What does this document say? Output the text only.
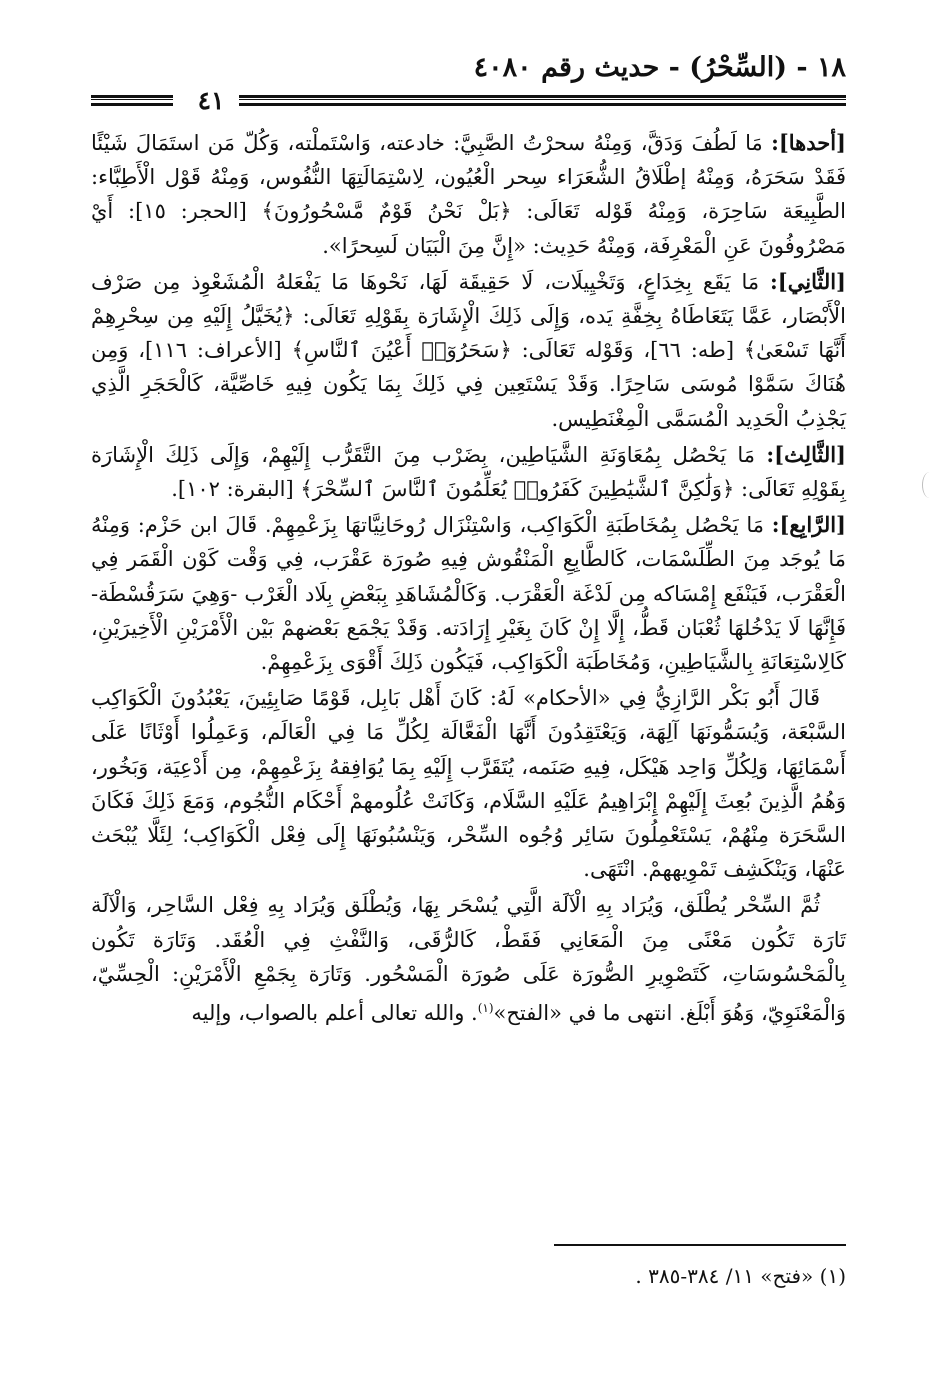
١٨ - (السِّحْرُ) - حديث رقم ٤٠٨٠
٤١

[أحدها]: مَا لَطُفَ وَدَقَّ، وَمِنْهُ سحرْتُ الصَّبِيَّ: خادعته، وَاسْتَملْته، وَكُلّ مَن استَمَالَ شَيْئًا فَقَدْ سَحَرَهُ، وَمِنْهُ إطْلَاقُ الشُّعَرَاء سِحر الْعُيُون، لِاسْتِمَالَتِهَا النُّفُوس، وَمِنْهُ قَوْل الْأَطِبَّاء: الطَّبِيعَة سَاحِرَة، وَمِنْهُ قَوْله تَعَالَى: ﴿بَلْ نَحْنُ قَوْمٌ مَّسْحُورُونَ﴾ [الحجر: ١٥]: أَيْ مَصْرُوفُونَ عَنِ الْمَعْرِفَة، وَمِنْهُ حَدِيث: «إِنَّ مِنَ الْبَيَان لَسِحرًا».

[الثَّانِي]: مَا يَقَع بِخِدَاعٍ، وَتَخْيِيلَات، لَا حَقِيقَة لَهَا، نَحْوهَا مَا يَفْعَلهُ الْمُشَعْوِذ مِن صَرْف الْأَبْصَار، عَمَّا يَتَعَاطَاهُ بِخِفَّةِ يَده، وَإِلَى ذَلِكَ الْإِشَارَة بِقَوْلِهِ تَعَالَى: ﴿يُخَيَّلُ إِلَيْهِ مِن سِحْرِهِمْ أَنَّهَا تَسْعَىٰ﴾ [طه: ٦٦]، وَقَوْله تَعَالَى: ﴿سَحَرُوٓا۟ أَعْيُنَ ٱلنَّاسِ﴾ [الأعراف: ١١٦]، وَمِن هُنَاكَ سَمَّوْا مُوسَى سَاحِرًا. وَقَدْ يَسْتَعِين فِي ذَلِكَ بِمَا يَكُون فِيهِ خَاصِّيَّة، كَالْحَجَرِ الَّذِي يَجْذِبُ الْحَدِيد الْمُسَمَّى الْمِغْنَطِيس.

[الثَّالِث]: مَا يَحْصُل بِمُعَاوَنَةِ الشَّيَاطِين، بِضَرْب مِنَ التَّقَرُّب إِلَيْهِمْ، وَإِلَى ذَلِكَ الْإِشَارَة بِقَوْلِهِ تَعَالَى: ﴿وَلَٰكِنَّ ٱلشَّيَٰطِينَ كَفَرُوا۟ يُعَلِّمُونَ ٱلنَّاسَ ٱلسِّحْرَ﴾ [البقرة: ١٠٢].

[الرَّابِع]: مَا يَحْصُل بِمُخَاطَبَةِ الْكَوَاكِب، وَاسْتِنْزَال رُوحَانِيَّاتهَا بِزَعْمِهِمْ. قَالَ ابن حَزْم: وَمِنْهُ مَا يُوجَد مِنَ الطِّلَسْمَات، كَالطَّابِعِ الْمَنْقُوش فِيهِ صُورَة عَقْرَب، فِي وَقْت كَوْن الْقَمَر فِي الْعَقْرَب، فَيَنْفَع إِمْسَاكه مِن لَدْغَة الْعَقْرَب. وَكَالْمُشَاهَدِ بِبَعْضِ بِلَاد الْغَرْب -وَهِيَ سَرَقُسْطَة- فَإِنَّهَا لَا يَدْخُلهَا ثُعْبَان قَطُّ، إِلَّا إِنْ كَانَ بِغَيْرِ إِرَادَته. وَقَدْ يَجْمَع بَعْضهمْ بَيْن الْأَمْرَيْنِ الْأَخِيرَيْنِ، كَالِاسْتِعَانَةِ بِالشَّيَاطِينِ، وَمُخَاطَبَة الْكَوَاكِب، فَيَكُون ذَلِكَ أَقْوَى بِزَعْمِهِمْ.

قَالَ أَبُو بَكْر الرَّازِيُّ فِي «الأحكام» لَهُ: كَانَ أَهْل بَابِل، قَوْمًا صَابِئِينَ، يَعْبُدُونَ الْكَوَاكِب السَّبْعَة، وَيُسَمُّونَهَا آلِهَة، وَيَعْتَقِدُونَ أَنَّهَا الْفَعَّالَة لِكُلِّ مَا فِي الْعَالَم، وَعَمِلُوا أَوْثَانًا عَلَى أَسْمَائِهَا، وَلِكُلِّ وَاحِد هَيْكَل، فِيهِ صَنَمه، يُتَقَرَّب إِلَيْهِ بِمَا يُوَافِقهُ بِزَعْمِهِمْ، مِن أَدْعِيَة، وَبَخُور، وَهُمُ الَّذِينَ بُعِثَ إِلَيْهِمْ إِبْرَاهِيمُ عَلَيْهِ السَّلَام، وَكَانَتْ عُلُومهمْ أَحْكَام النُّجُوم، وَمَعَ ذَلِكَ فَكَانَ السَّحَرَة مِنْهُمْ، يَسْتَعْمِلُونَ سَائِر وُجُوه السِّحْر، وَيَنْسُبُونَهَا إِلَى فِعْل الْكَوَاكِب؛ لِئَلَّا يُبْحَث عَنْهَا، وَيَنْكَشِف تَمْوِيههمْ. انْتَهَى.

ثُمَّ السِّحْر يُطْلَق، وَيُرَاد بِهِ الْآلَة الَّتِي يُسْحَر بِهَا، وَيُطْلَق وَيُرَاد بِهِ فِعْل السَّاحِر، وَالْآلَة تَارَة تَكُون مَعْنًى مِنَ الْمَعَانِي فَقَطْ، كَالرُّقَى، وَالنَّفْثِ فِي الْعُقَد. وَتَارَة تَكُون بِالْمَحْسُوسَاتِ، كَتَصْوِيرِ الصُّورَة عَلَى صُورَة الْمَسْحُور. وَتَارَة بِجَمْعِ الْأَمْرَيْنِ: الْحِسِّيّ، وَالْمَعْنَوِيّ، وَهُوَ أَبْلَغ. انتهى ما في «الفتح»$^{(١)}$. والله تعالى أعلم بالصواب، وإليه

(١) «فتح» ١١/ ٣٨٤-٣٨٥ .
